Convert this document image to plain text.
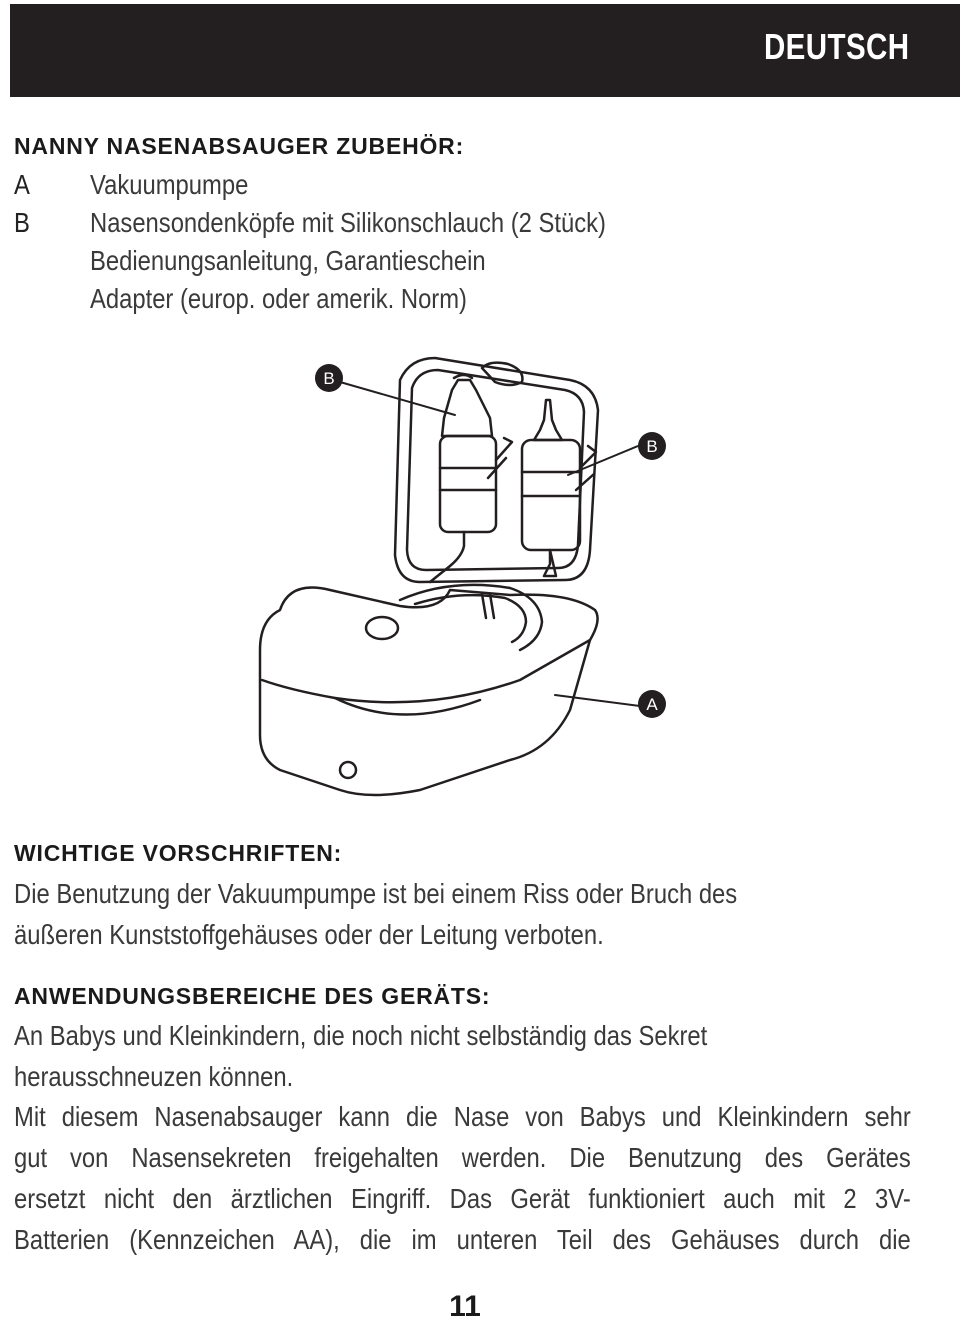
DEUTSCH
NANNY NASENABSAUGER ZUBEHÖR:
A	Vakuumpumpe
B	Nasensondenköpfe mit Silikonschlauch (2 Stück)
Bedienungsanleitung, Garantieschein
Adapter (europ. oder amerik. Norm)
B
B
A
WICHTIGE VORSCHRIFTEN:
Die Benutzung der Vakuumpumpe ist bei einem Riss oder Bruch des
äußeren Kunststoffgehäuses oder der Leitung verboten.
ANWENDUNGSBEREICHE DES GERÄTS:
An Babys und Kleinkindern, die noch nicht selbständig das Sekret
herausschneuzen können.
Mit diesem Nasenabsauger kann die Nase von Babys und Kleinkindern sehr
gut von Nasensekreten freigehalten werden. Die Benutzung des Gerätes
ersetzt nicht den ärztlichen Eingriff. Das Gerät funktioniert auch mit 2 3V-
Batterien (Kennzeichen AA), die im unteren Teil des Gehäuses durch die
11
